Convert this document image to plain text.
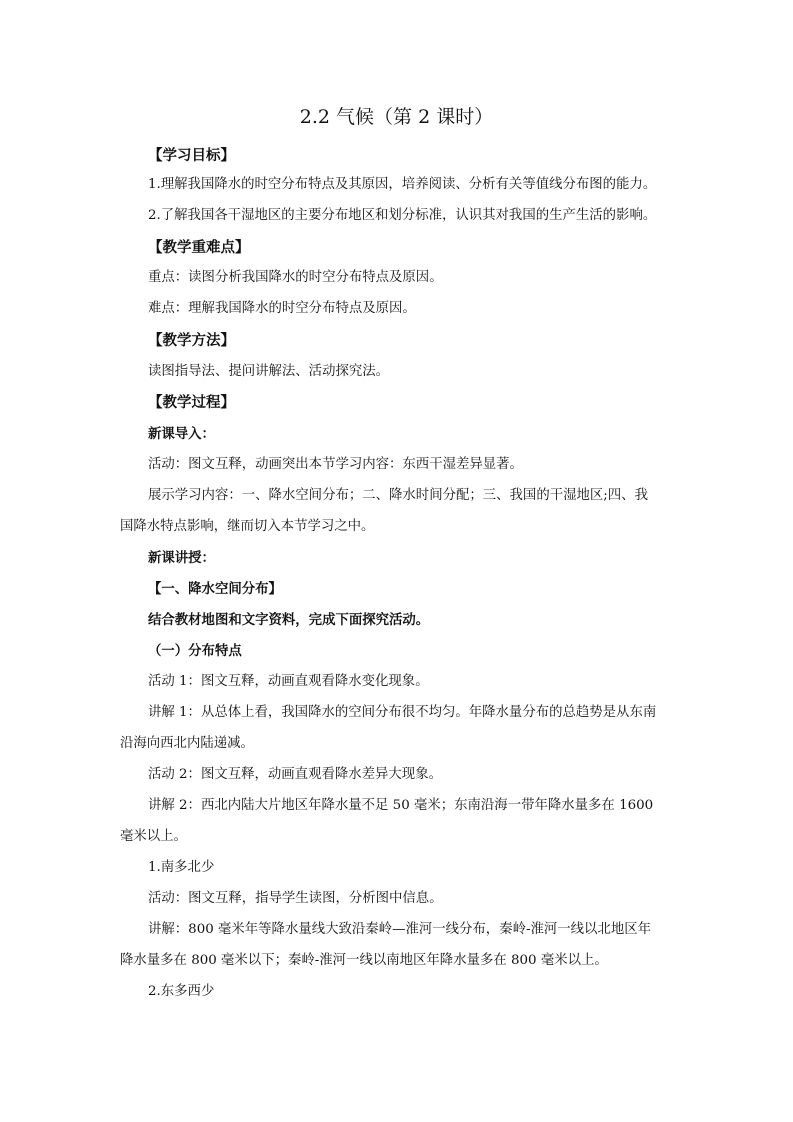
2.2 气候（第 2 课时）
【学习目标】
1.理解我国降水的时空分布特点及其原因，培养阅读、分析有关等值线分布图的能力。
2.了解我国各干湿地区的主要分布地区和划分标准，认识其对我国的生产生活的影响。
【教学重难点】
重点：读图分析我国降水的时空分布特点及原因。
难点：理解我国降水的时空分布特点及原因。
【教学方法】
读图指导法、提问讲解法、活动探究法。
【教学过程】
新课导入：
活动：图文互释，动画突出本节学习内容：东西干湿差异显著。
展示学习内容：一、降水空间分布；二、降水时间分配；三、我国的干湿地区;四、我
国降水特点影响，继而切入本节学习之中。
新课讲授：
【一、降水空间分布】
结合教材地图和文字资料，完成下面探究活动。
（一）分布特点
活动 1：图文互释，动画直观看降水变化现象。
讲解 1：从总体上看，我国降水的空间分布很不均匀。年降水量分布的总趋势是从东南
沿海向西北内陆递减。
活动 2：图文互释，动画直观看降水差异大现象。
讲解 2：西北内陆大片地区年降水量不足 50 毫米；东南沿海一带年降水量多在 1600
毫米以上。
1.南多北少
活动：图文互释，指导学生读图，分析图中信息。
讲解：800 毫米年等降水量线大致沿秦岭—淮河一线分布，秦岭-淮河一线以北地区年
降水量多在 800 毫米以下；秦岭-淮河一线以南地区年降水量多在 800 毫米以上。
2.东多西少
